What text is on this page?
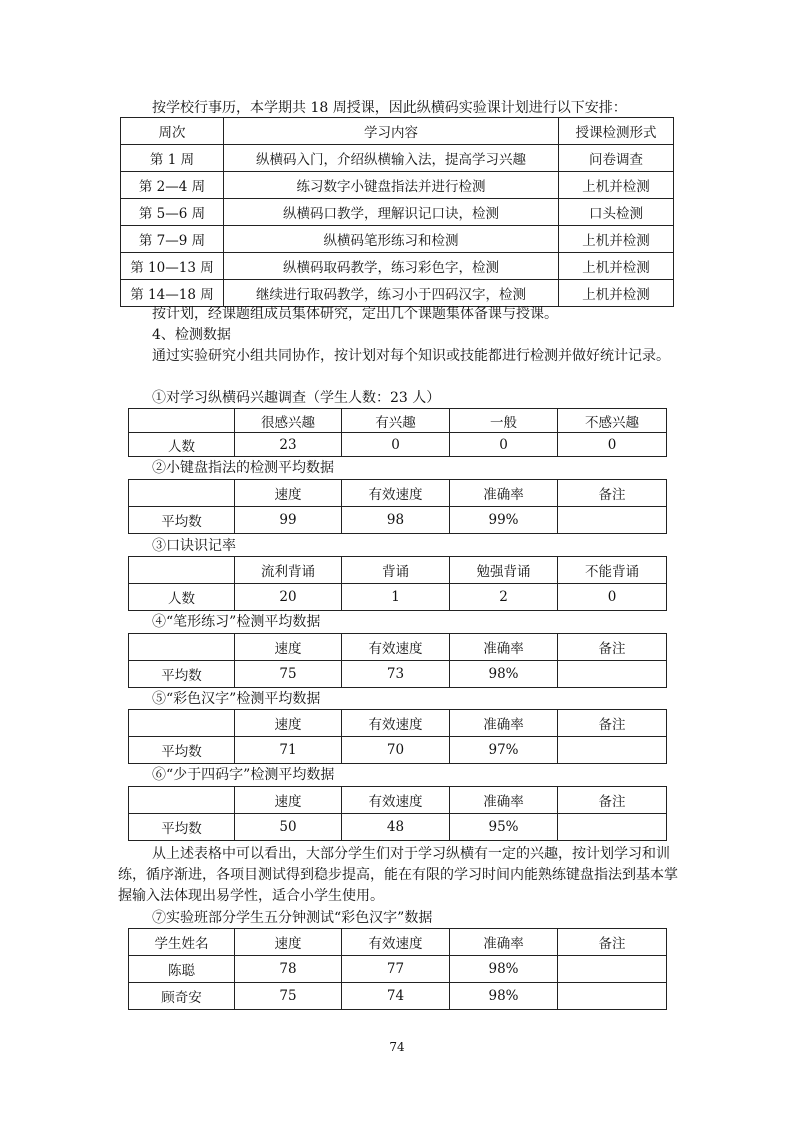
按学校行事历，本学期共 18 周授课，因此纵横码实验课计划进行以下安排：

周次	学习内容	授课检测形式
第 1 周	纵横码入门，介绍纵横输入法，提高学习兴趣	问卷调查
第 2—4 周	练习数字小键盘指法并进行检测	上机并检测
第 5—6 周	纵横码口教学，理解识记口诀，检测	口头检测
第 7—9 周	纵横码笔形练习和检测	上机并检测
第 10—13 周	纵横码取码教学，练习彩色字，检测	上机并检测
第 14—18 周	继续进行取码教学，练习小于四码汉字，检测	上机并检测

按计划，经课题组成员集体研究，定出几个课题集体备课与授课。

4、检测数据

通过实验研究小组共同协作，按计划对每个知识或技能都进行检测并做好统计记录。

①对学习纵横码兴趣调查（学生人数：23 人）

	很感兴趣	有兴趣	一般	不感兴趣
人数	23	0	0	0

②小键盘指法的检测平均数据

	速度	有效速度	准确率	备注
平均数	99	98	99%	

③口诀识记率

	流利背诵	背诵	勉强背诵	不能背诵
人数	20	1	2	0

④“笔形练习”检测平均数据

	速度	有效速度	准确率	备注
平均数	75	73	98%	

⑤“彩色汉字”检测平均数据

	速度	有效速度	准确率	备注
平均数	71	70	97%	

⑥“少于四码字”检测平均数据

	速度	有效速度	准确率	备注
平均数	50	48	95%	

从上述表格中可以看出，大部分学生们对于学习纵横有一定的兴趣，按计划学习和训练，循序渐进，各项目测试得到稳步提高，能在有限的学习时间内能熟练键盘指法到基本掌握输入法体现出易学性，适合小学生使用。

⑦实验班部分学生五分钟测试“彩色汉字”数据

学生姓名	速度	有效速度	准确率	备注
陈聪	78	77	98%	
顾奇安	75	74	98%	
74
